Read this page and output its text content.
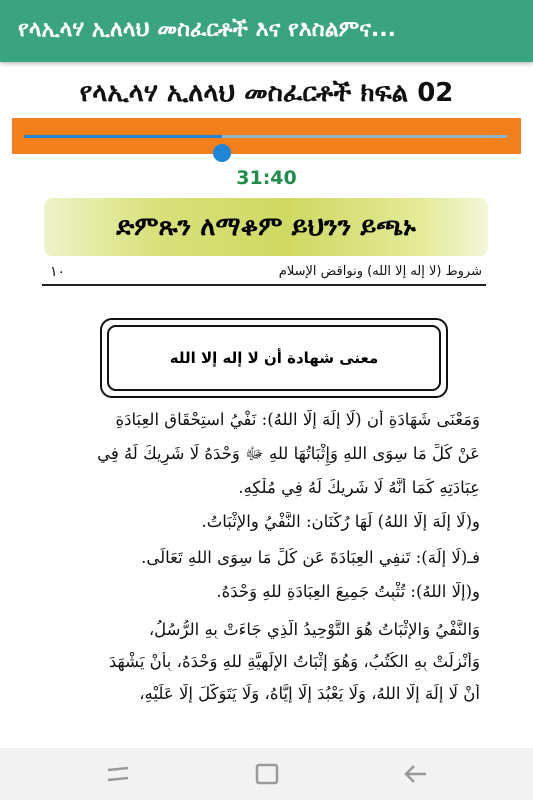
የላኢላሃ ኢለላህ መስፈርቶች እና የእስልምና...
የላኢላሃ ኢለላህ መስፈርቶች ክፍል 02
31:40
ድምጹን ለማቆም ይህንን ይጫኑ
١٠	شروط (لا إله إلا الله) ونواقض الإسلام
معنى شهادة أن لا إله إلا الله
وَمَعْنَى شَهَادَةِ أن (لَا إِلَهَ إِلَّا اللهُ): نَفْيُ استِحْقَاقِ العِبَادَةِ
عَنْ كُلِّ مَا سِوَى اللهِ وَإِثْبَاتُهَا للهِ ﷻ وَحْدَهُ لَا شَرِيكَ لَهُ فِي
عِبَادَتِهِ كَمَا أَنَّهُ لَا شَرِيكَ لَهُ فِي مُلْكِهِ.
و(لَا إِلَهَ إِلَّا اللهُ) لَهَا رُكْنَانِ: النَّفْيُ والإِثْبَاتُ.
فـ(لَا إِلَهَ): تَنفِي العِبَادَةَ عَن كُلِّ مَا سِوَى اللهِ تَعَالَى.
و(إِلَّا اللهُ): تُثْبِتُ جَمِيعَ العِبَادَةِ للهِ وَحْدَهُ.
وَالنَّفْيُ وَالإِثْبَاتُ هُوَ التَّوْحِيدُ الَّذِي جَاءَتْ بِهِ الرُّسُلُ،
وَأُنْزِلَتْ بِهِ الكُتُبُ، وَهُوَ إِثْبَاتُ الإِلَهِيَّةِ للهِ وَحْدَهُ، بِأَنْ يَشْهَدَ
أَنْ لَا إِلَهَ إِلَّا اللهُ، وَلَا يَعْبُدَ إِلَّا إِيَّاهُ، وَلَا يَتَوَكَّلَ إِلَّا عَلَيْهِ،
